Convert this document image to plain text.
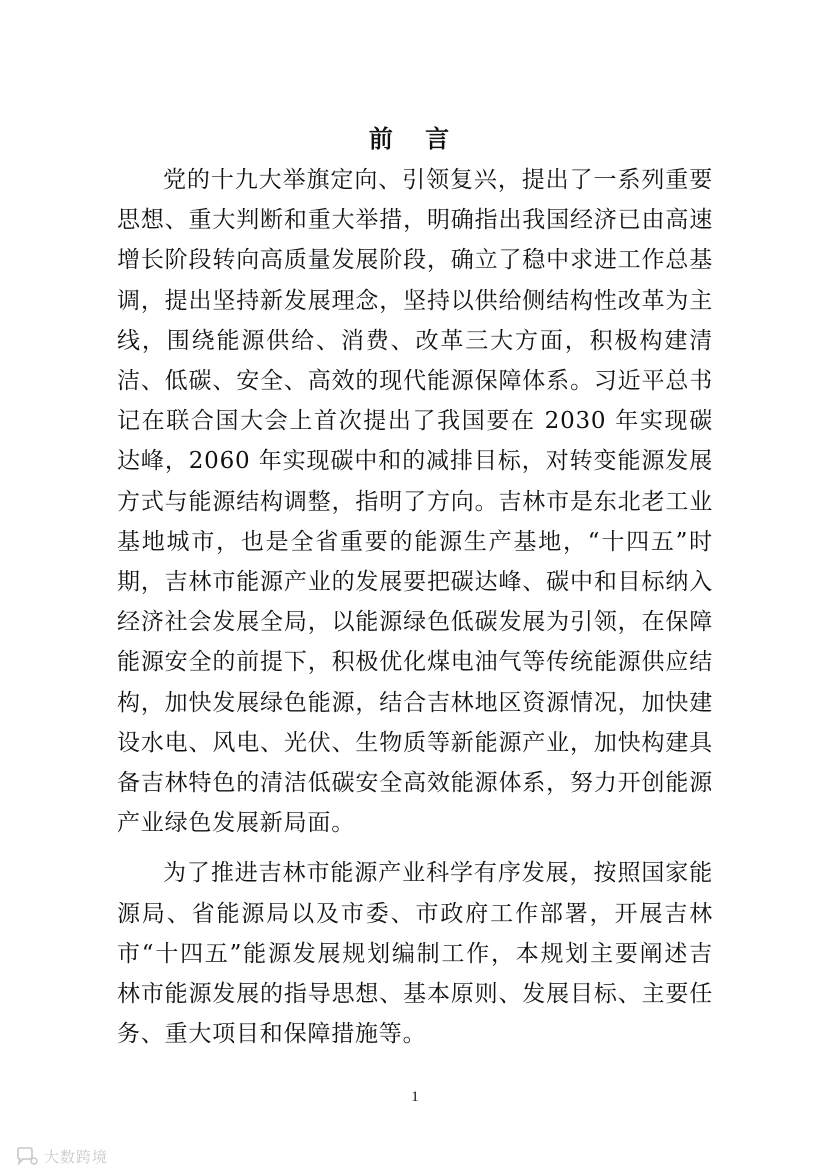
前 言

党的十九大举旗定向、引领复兴，提出了一系列重要思想、重大判断和重大举措，明确指出我国经济已由高速增长阶段转向高质量发展阶段，确立了稳中求进工作总基调，提出坚持新发展理念，坚持以供给侧结构性改革为主线，围绕能源供给、消费、改革三大方面，积极构建清洁、低碳、安全、高效的现代能源保障体系。习近平总书记在联合国大会上首次提出了我国要在 2030 年实现碳达峰，2060 年实现碳中和的减排目标，对转变能源发展方式与能源结构调整，指明了方向。吉林市是东北老工业基地城市，也是全省重要的能源生产基地，“十四五”时期，吉林市能源产业的发展要把碳达峰、碳中和目标纳入经济社会发展全局，以能源绿色低碳发展为引领，在保障能源安全的前提下，积极优化煤电油气等传统能源供应结构，加快发展绿色能源，结合吉林地区资源情况，加快建设水电、风电、光伏、生物质等新能源产业，加快构建具备吉林特色的清洁低碳安全高效能源体系，努力开创能源产业绿色发展新局面。

为了推进吉林市能源产业科学有序发展，按照国家能源局、省能源局以及市委、市政府工作部署，开展吉林市“十四五”能源发展规划编制工作，本规划主要阐述吉林市能源发展的指导思想、基本原则、发展目标、主要任务、重大项目和保障措施等。

1
大数跨境
